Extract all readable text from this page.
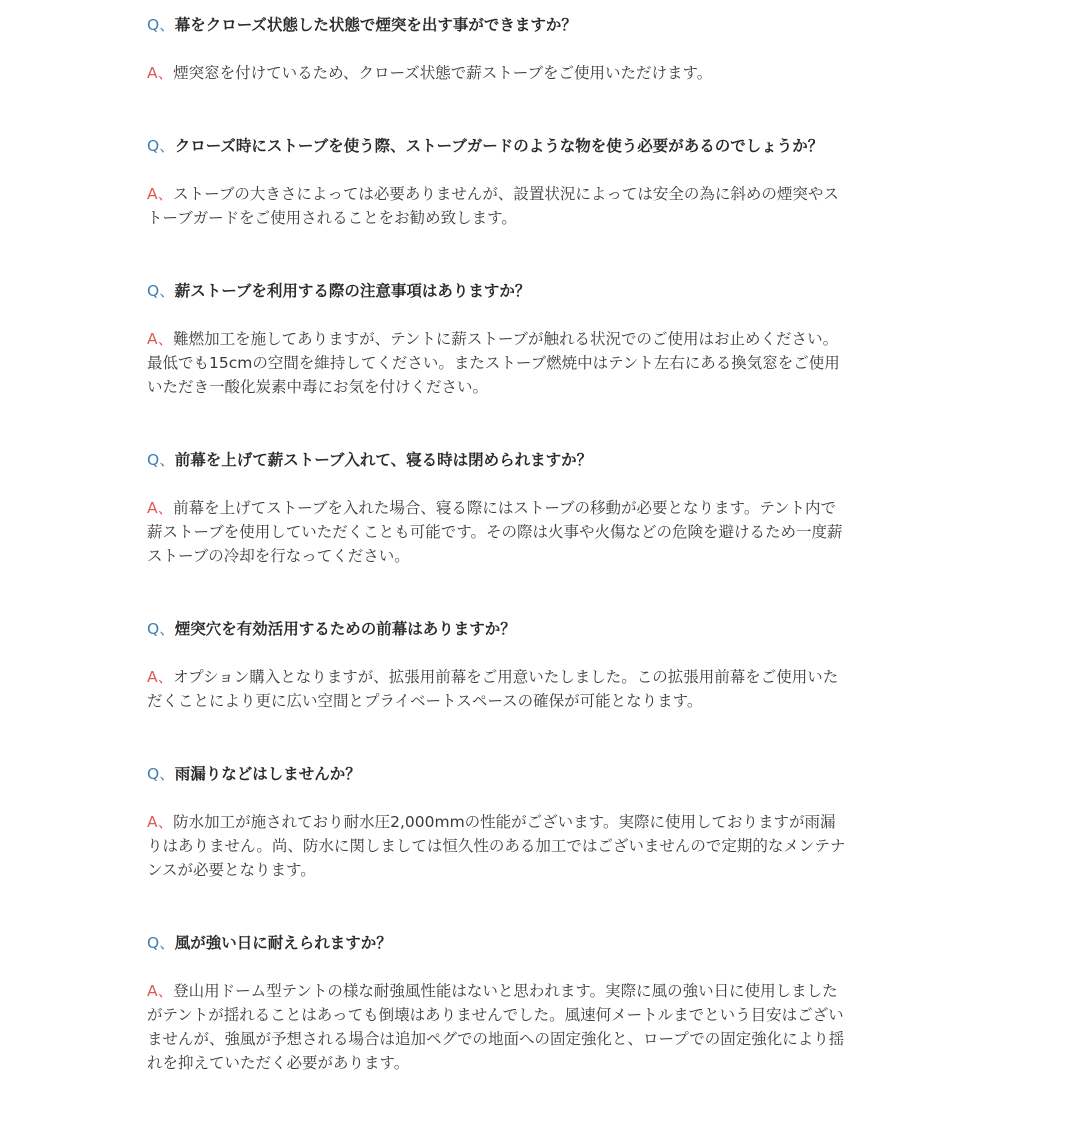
Q、幕をクローズ状態した状態で煙突を出す事ができますか？
A、煙突窓を付けているため、クローズ状態で薪ストーブをご使用いただけます。
Q、クローズ時にストーブを使う際、ストーブガードのような物を使う必要があるのでしょうか？
A、ストーブの大きさによっては必要ありませんが、設置状況によっては安全の為に斜めの煙突やス
トーブガードをご使用されることをお勧め致します。
Q、薪ストーブを利用する際の注意事項はありますか？
A、難燃加工を施してありますが、テントに薪ストーブが触れる状況でのご使用はお止めください。
最低でも15cmの空間を維持してください。またストーブ燃焼中はテント左右にある換気窓をご使用
いただき一酸化炭素中毒にお気を付けください。
Q、前幕を上げて薪ストーブ入れて、寝る時は閉められますか？
A、前幕を上げてストーブを入れた場合、寝る際にはストーブの移動が必要となります。テント内で
薪ストーブを使用していただくことも可能です。その際は火事や火傷などの危険を避けるため一度薪
ストーブの冷却を行なってください。
Q、煙突穴を有効活用するための前幕はありますか？
A、オプション購入となりますが、拡張用前幕をご用意いたしました。この拡張用前幕をご使用いた
だくことにより更に広い空間とプライベートスペースの確保が可能となります。
Q、雨漏りなどはしませんか？
A、防水加工が施されており耐水圧2,000mmの性能がございます。実際に使用しておりますが雨漏
りはありません。尚、防水に関しましては恒久性のある加工ではございませんので定期的なメンテナ
ンスが必要となります。
Q、風が強い日に耐えられますか？
A、登山用ドーム型テントの様な耐強風性能はないと思われます。実際に風の強い日に使用しました
がテントが揺れることはあっても倒壊はありませんでした。風速何メートルまでという目安はござい
ませんが、強風が予想される場合は追加ペグでの地面への固定強化と、ロープでの固定強化により揺
れを抑えていただく必要があります。
